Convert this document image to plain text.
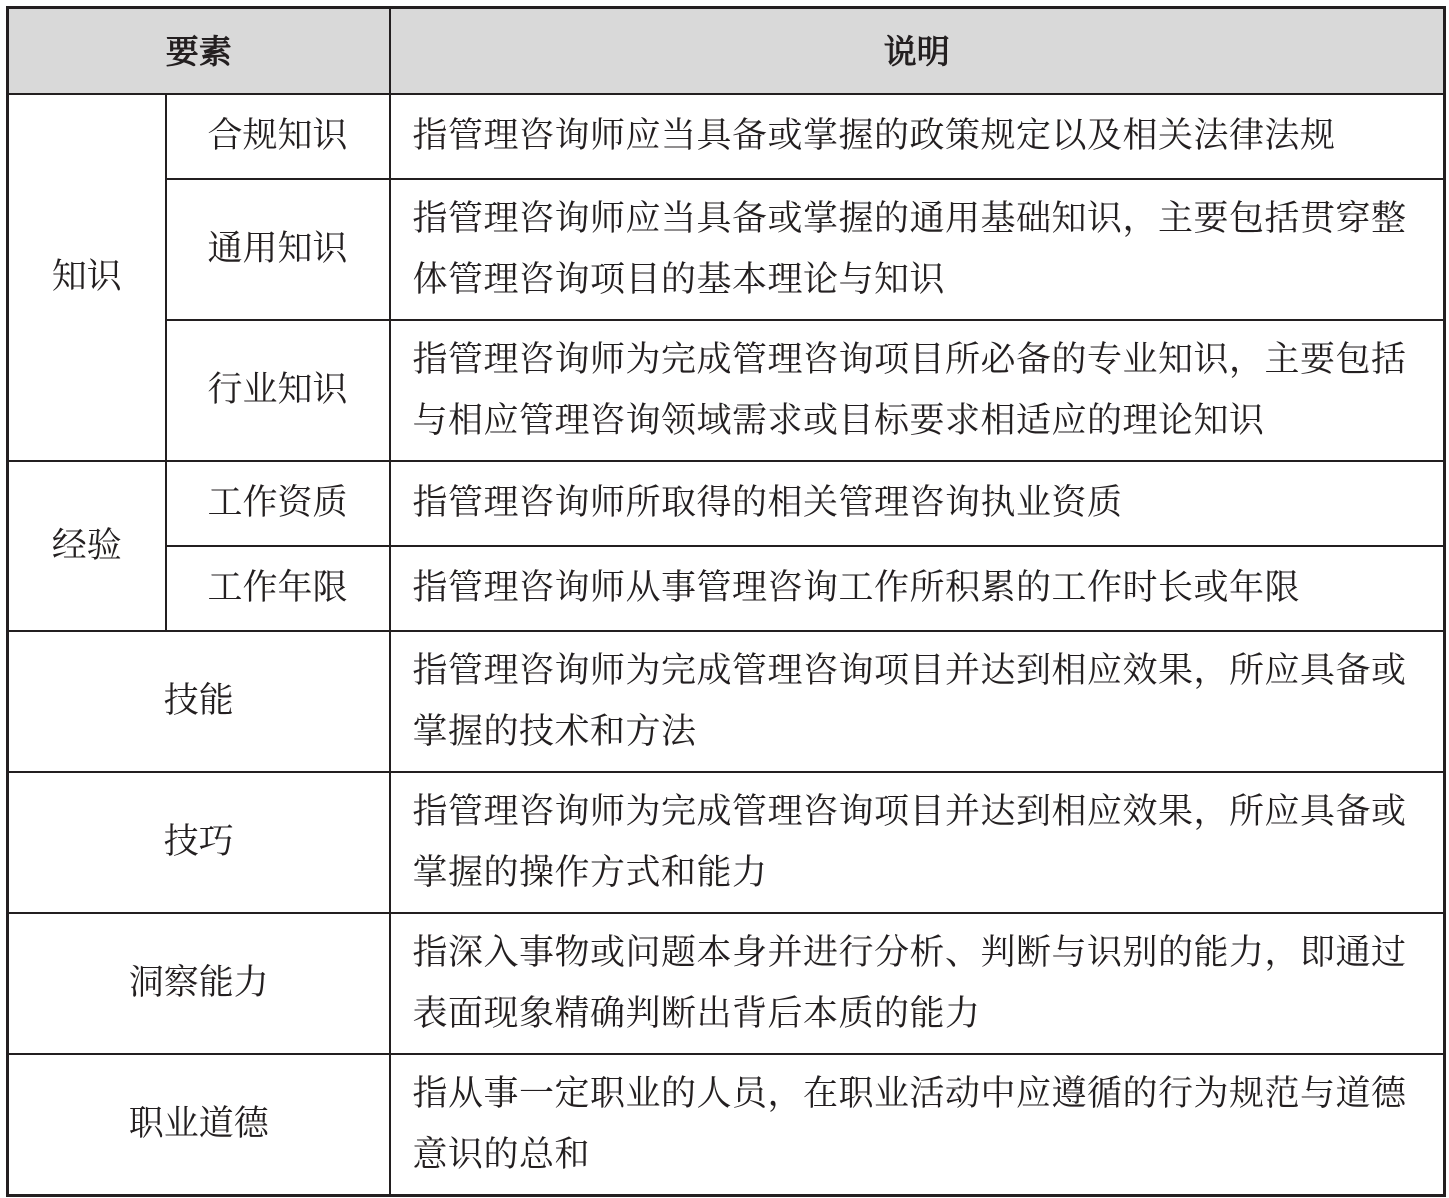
要素		说明
知识	合规知识	指管理咨询师应当具备或掌握的政策规定以及相关法律法规
	通用知识	指管理咨询师应当具备或掌握的通用基础知识，主要包括贯穿整体管理咨询项目的基本理论与知识
	行业知识	指管理咨询师为完成管理咨询项目所必备的专业知识，主要包括与相应管理咨询领域需求或目标要求相适应的理论知识
经验	工作资质	指管理咨询师所取得的相关管理咨询执业资质
	工作年限	指管理咨询师从事管理咨询工作所积累的工作时长或年限
技能		指管理咨询师为完成管理咨询项目并达到相应效果，所应具备或掌握的技术和方法
技巧		指管理咨询师为完成管理咨询项目并达到相应效果，所应具备或掌握的操作方式和能力
洞察能力		指深入事物或问题本身并进行分析、判断与识别的能力，即通过表面现象精确判断出背后本质的能力
职业道德		指从事一定职业的人员，在职业活动中应遵循的行为规范与道德意识的总和
